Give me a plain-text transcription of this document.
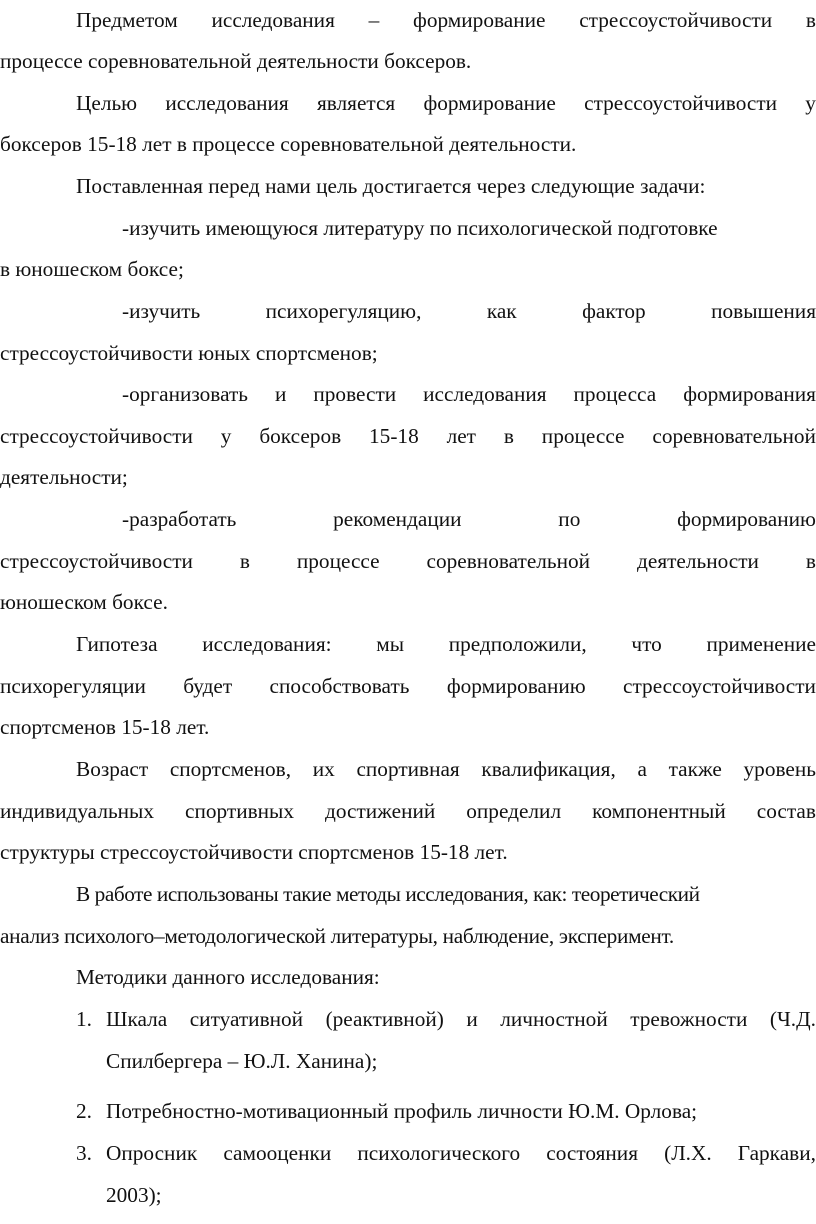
Предметом исследования – формирование стрессоустойчивости в
процессе соревновательной деятельности боксеров.
Целью исследования является формирование стрессоустойчивости у
боксеров 15-18 лет в процессе соревновательной деятельности.
Поставленная перед нами цель достигается через следующие задачи:
-изучить имеющуюся литературу по психологической подготовке
в юношеском боксе;
-изучить	психорегуляцию,	как	фактор	повышения
стрессоустойчивости юных спортсменов;
-организовать и провести исследования процесса формирования
стрессоустойчивости у боксеров 15-18 лет в процессе соревновательной
деятельности;
-разработать	рекомендации	по	формированию
стрессоустойчивости в процессе соревновательной деятельности в
юношеском боксе.
Гипотеза исследования: мы предположили, что применение
психорегуляции будет способствовать формированию стрессоустойчивости
спортсменов 15-18 лет.
Возраст спортсменов, их спортивная квалификация, а также уровень
индивидуальных спортивных достижений определил компонентный состав
структуры стрессоустойчивости спортсменов 15-18 лет.
В работе использованы такие методы исследования, как: теоретический
анализ психолого–методологической литературы, наблюдение, эксперимент.
Методики данного исследования:
1. Шкала ситуативной (реактивной) и личностной тревожности (Ч.Д.
Спилбергера – Ю.Л. Ханина);
2. Потребностно-мотивационный профиль личности Ю.М. Орлова;
3. Опросник самооценки психологического состояния (Л.Х. Гаркави,
2003);
